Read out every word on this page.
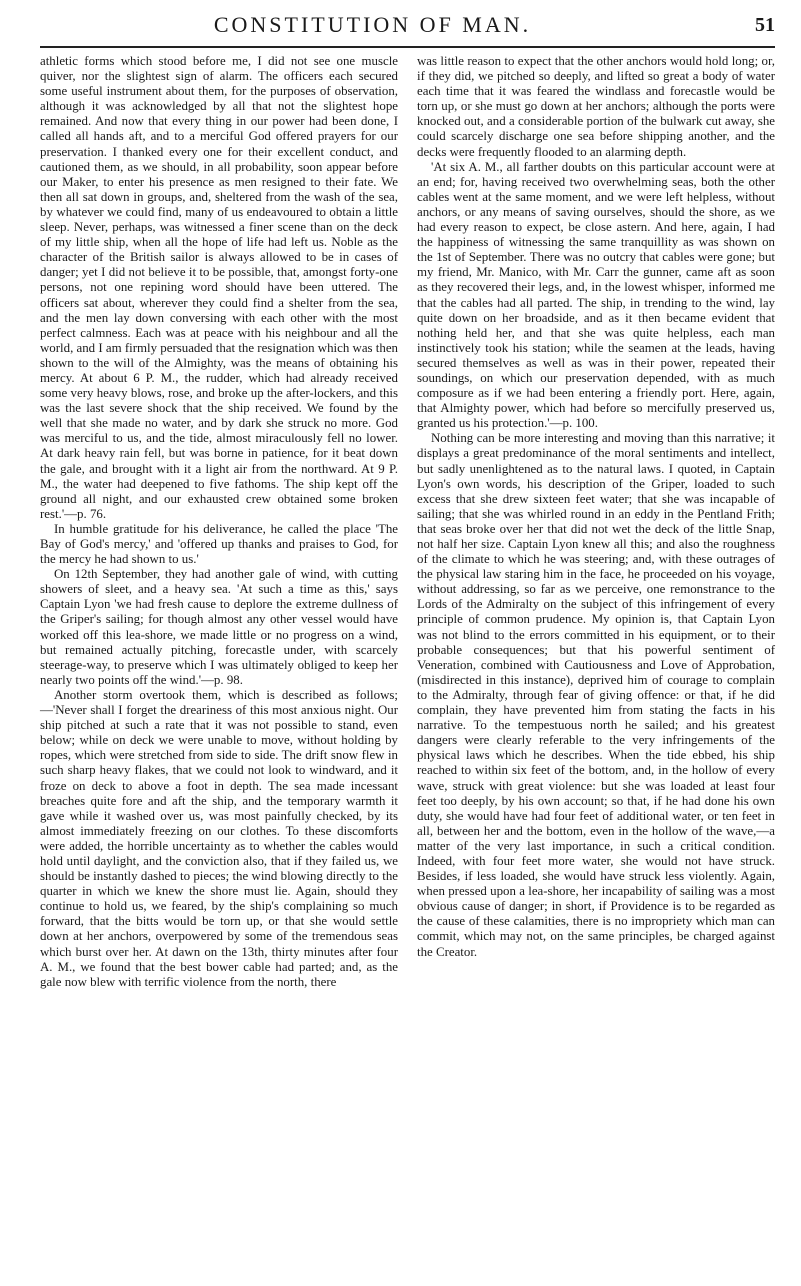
CONSTITUTION OF MAN.	51

athletic forms which stood before me, I did not see one muscle quiver, nor the slightest sign of alarm. The officers each secured some useful instrument about them, for the purposes of observation, although it was acknowledged by all that not the slightest hope remained. And now that every thing in our power had been done, I called all hands aft, and to a merciful God offered prayers for our preservation. I thanked every one for their excellent conduct, and cautioned them, as we should, in all probability, soon appear before our Maker, to enter his presence as men resigned to their fate. We then all sat down in groups, and, sheltered from the wash of the sea, by whatever we could find, many of us endeavoured to obtain a little sleep. Never, perhaps, was witnessed a finer scene than on the deck of my little ship, when all the hope of life had left us. Noble as the character of the British sailor is always allowed to be in cases of danger; yet I did not believe it to be possible, that, amongst forty-one persons, not one repining word should have been uttered. The officers sat about, wherever they could find a shelter from the sea, and the men lay down conversing with each other with the most perfect calmness. Each was at peace with his neighbour and all the world, and I am firmly persuaded that the resignation which was then shown to the will of the Almighty, was the means of obtaining his mercy. At about 6 P. M., the rudder, which had already received some very heavy blows, rose, and broke up the after-lockers, and this was the last severe shock that the ship received. We found by the well that she made no water, and by dark she struck no more. God was merciful to us, and the tide, almost miraculously fell no lower. At dark heavy rain fell, but was borne in patience, for it beat down the gale, and brought with it a light air from the northward. At 9 P. M., the water had deepened to five fathoms. The ship kept off the ground all night, and our exhausted crew obtained some broken rest.'—p. 76.

In humble gratitude for his deliverance, he called the place 'The Bay of God's mercy,' and 'offered up thanks and praises to God, for the mercy he had shown to us.'

On 12th September, they had another gale of wind, with cutting showers of sleet, and a heavy sea. 'At such a time as this,' says Captain Lyon 'we had fresh cause to deplore the extreme dullness of the Griper's sailing; for though almost any other vessel would have worked off this lea-shore, we made little or no progress on a wind, but remained actually pitching, forecastle under, with scarcely steerage-way, to preserve which I was ultimately obliged to keep her nearly two points off the wind.'—p. 98.

Another storm overtook them, which is described as follows;—'Never shall I forget the dreariness of this most anxious night. Our ship pitched at such a rate that it was not possible to stand, even below; while on deck we were unable to move, without holding by ropes, which were stretched from side to side. The drift snow flew in such sharp heavy flakes, that we could not look to windward, and it froze on deck to above a foot in depth. The sea made incessant breaches quite fore and aft the ship, and the temporary warmth it gave while it washed over us, was most painfully checked, by its almost immediately freezing on our clothes. To these discomforts were added, the horrible uncertainty as to whether the cables would hold until daylight, and the conviction also, that if they failed us, we should be instantly dashed to pieces; the wind blowing directly to the quarter in which we knew the shore must lie. Again, should they continue to hold us, we feared, by the ship's complaining so much forward, that the bitts would be torn up, or that she would settle down at her anchors, overpowered by some of the tremendous seas which burst over her. At dawn on the 13th, thirty minutes after four A. M., we found that the best bower cable had parted; and, as the gale now blew with terrific violence from the north, there

was little reason to expect that the other anchors would hold long; or, if they did, we pitched so deeply, and lifted so great a body of water each time that it was feared the windlass and forecastle would be torn up, or she must go down at her anchors; although the ports were knocked out, and a considerable portion of the bulwark cut away, she could scarcely discharge one sea before shipping another, and the decks were frequently flooded to an alarming depth.

'At six A. M., all farther doubts on this particular account were at an end; for, having received two overwhelming seas, both the other cables went at the same moment, and we were left helpless, without anchors, or any means of saving ourselves, should the shore, as we had every reason to expect, be close astern. And here, again, I had the happiness of witnessing the same tranquillity as was shown on the 1st of September. There was no outcry that cables were gone; but my friend, Mr. Manico, with Mr. Carr the gunner, came aft as soon as they recovered their legs, and, in the lowest whisper, informed me that the cables had all parted. The ship, in trending to the wind, lay quite down on her broadside, and as it then became evident that nothing held her, and that she was quite helpless, each man instinctively took his station; while the seamen at the leads, having secured themselves as well as was in their power, repeated their soundings, on which our preservation depended, with as much composure as if we had been entering a friendly port. Here, again, that Almighty power, which had before so mercifully preserved us, granted us his protection.'—p. 100.

Nothing can be more interesting and moving than this narrative; it displays a great predominance of the moral sentiments and intellect, but sadly unenlightened as to the natural laws. I quoted, in Captain Lyon's own words, his description of the Griper, loaded to such excess that she drew sixteen feet water; that she was incapable of sailing; that she was whirled round in an eddy in the Pentland Frith; that seas broke over her that did not wet the deck of the little Snap, not half her size. Captain Lyon knew all this; and also the roughness of the climate to which he was steering; and, with these outrages of the physical law staring him in the face, he proceeded on his voyage, without addressing, so far as we perceive, one remonstrance to the Lords of the Admiralty on the subject of this infringement of every principle of common prudence. My opinion is, that Captain Lyon was not blind to the errors committed in his equipment, or to their probable consequences; but that his powerful sentiment of Veneration, combined with Cautiousness and Love of Approbation, (misdirected in this instance), deprived him of courage to complain to the Admiralty, through fear of giving offence: or that, if he did complain, they have prevented him from stating the facts in his narrative. To the tempestuous north he sailed; and his greatest dangers were clearly referable to the very infringements of the physical laws which he describes. When the tide ebbed, his ship reached to within six feet of the bottom, and, in the hollow of every wave, struck with great violence: but she was loaded at least four feet too deeply, by his own account; so that, if he had done his own duty, she would have had four feet of additional water, or ten feet in all, between her and the bottom, even in the hollow of the wave,—a matter of the very last importance, in such a critical condition. Indeed, with four feet more water, she would not have struck. Besides, if less loaded, she would have struck less violently. Again, when pressed upon a lea-shore, her incapability of sailing was a most obvious cause of danger; in short, if Providence is to be regarded as the cause of these calamities, there is no impropriety which man can commit, which may not, on the same principles, be charged against the Creator.
